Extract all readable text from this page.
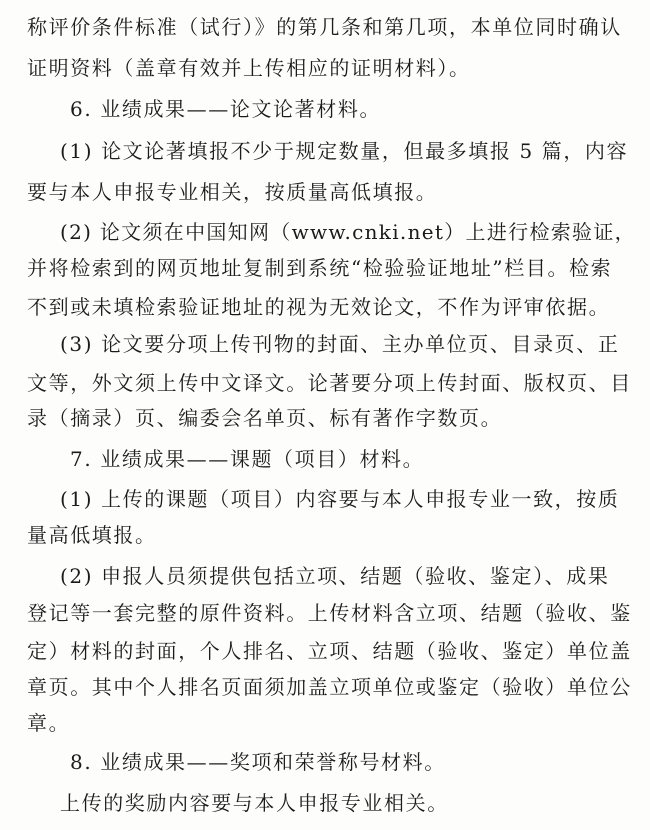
称评价条件标准（试行）》的第几条和第几项，本单位同时确认
证明资料（盖章有效并上传相应的证明材料）。
6. 业绩成果——论文论著材料。
(1) 论文论著填报不少于规定数量，但最多填报 5 篇，内容
要与本人申报专业相关，按质量高低填报。
(2) 论文须在中国知网（www.cnki.net）上进行检索验证，
并将检索到的网页地址复制到系统“检验验证地址”栏目。检索
不到或未填检索验证地址的视为无效论文，不作为评审依据。
(3) 论文要分项上传刊物的封面、主办单位页、目录页、正
文等，外文须上传中文译文。论著要分项上传封面、版权页、目
录（摘录）页、编委会名单页、标有著作字数页。
7. 业绩成果——课题（项目）材料。
(1) 上传的课题（项目）内容要与本人申报专业一致，按质
量高低填报。
(2) 申报人员须提供包括立项、结题（验收、鉴定）、成果
登记等一套完整的原件资料。上传材料含立项、结题（验收、鉴
定）材料的封面，个人排名、立项、结题（验收、鉴定）单位盖
章页。其中个人排名页面须加盖立项单位或鉴定（验收）单位公
章。
8. 业绩成果——奖项和荣誉称号材料。
上传的奖励内容要与本人申报专业相关。
